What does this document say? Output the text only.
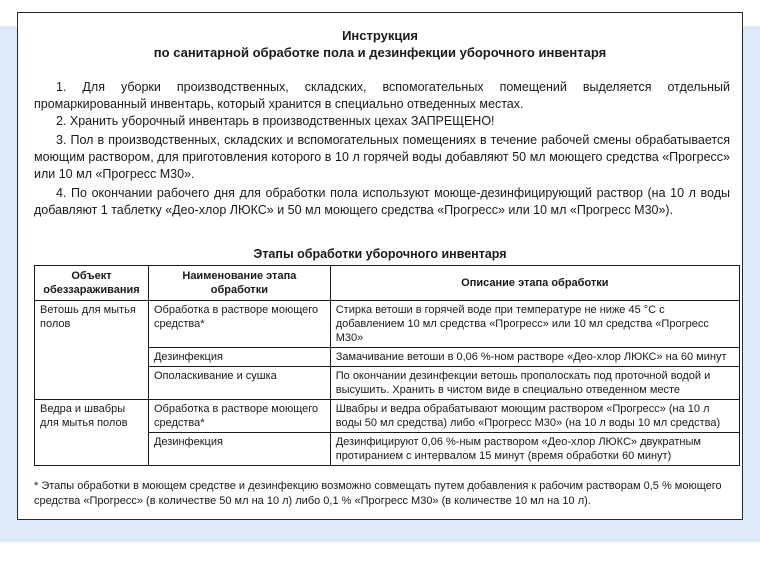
Инструкция
по санитарной обработке пола и дезинфекции уборочного инвентаря

1. Для уборки производственных, складских, вспомогательных помещений выделяется отдельный промаркированный инвентарь, который хранится в специально отведенных местах.

2. Хранить уборочный инвентарь в производственных цехах ЗАПРЕЩЕНО!

3. Пол в производственных, складских и вспомогательных помещениях в течение рабочей смены обрабатывается моющим раствором, для приготовления которого в 10 л горячей воды добавляют 50 мл моющего средства «Прогресс» или 10 мл «Прогресс М30».

4. По окончании рабочего дня для обработки пола используют моюще-дезинфицирующий раствор (на 10 л воды добавляют 1 таблетку «Део-хлор ЛЮКС» и 50 мл моющего средства «Прогресс» или 10 мл «Прогресс М30»).

Этапы обработки уборочного инвентаря
Объект обеззараживания	Наименование этапа обработки	Описание этапа обработки
Ветошь для мытья полов	Обработка в растворе моющего средства*	Стирка ветоши в горячей воде при температуре не ниже 45 °С с добавлением 10 мл средства «Прогресс» или 10 мл средства «Прогресс М30»
	Дезинфекция	Замачивание ветоши в 0,06 %-ном растворе «Део-хлор ЛЮКС» на 60 минут
	Ополаскивание и сушка	По окончании дезинфекции ветошь прополоскать под проточной водой и высушить. Хранить в чистом виде в специально отведенном месте
Ведра и швабры для мытья полов	Обработка в растворе моющего средства*	Швабры и ведра обрабатывают моющим раствором «Прогресс» (на 10 л воды 50 мл средства) либо «Прогресс М30» (на 10 л воды 10 мл средства)
	Дезинфекция	Дезинфицируют 0,06 %-ным раствором «Део-хлор ЛЮКС» двукратным протиранием с интервалом 15 минут (время обработки 60 минут)

* Этапы обработки в моющем средстве и дезинфекцию возможно совмещать путем добавления к рабочим растворам 0,5 % моющего средства «Прогресс» (в количестве 50 мл на 10 л) либо 0,1 % «Прогресс М30» (в количестве 10 мл на 10 л).
